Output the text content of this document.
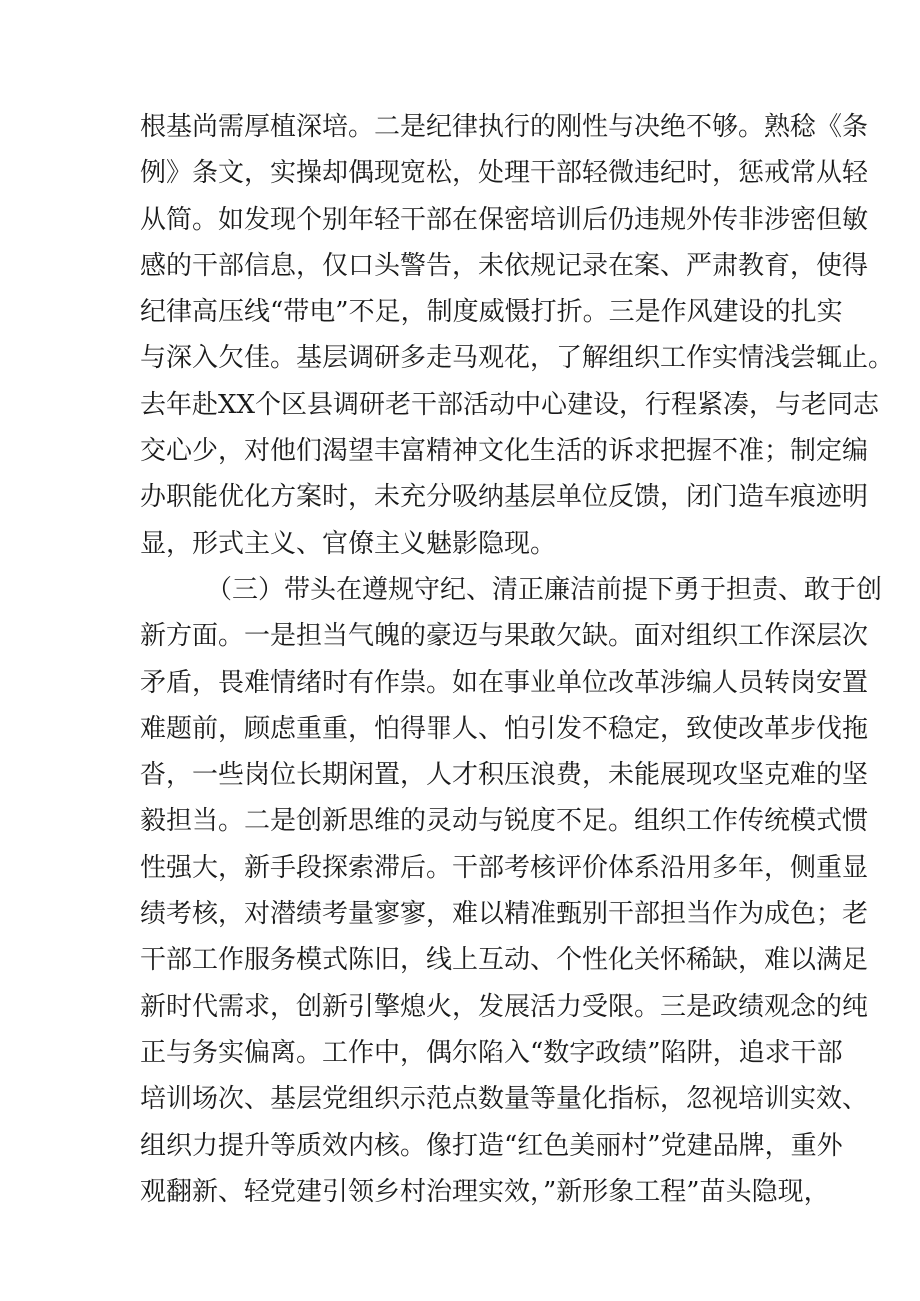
根基尚需厚植深培。二是纪律执行的刚性与决绝不够。熟稔《条
例》条文，实操却偶现宽松，处理干部轻微违纪时，惩戒常从轻
从简。如发现个别年轻干部在保密培训后仍违规外传非涉密但敏
感的干部信息，仅口头警告，未依规记录在案、严肃教育，使得
纪律高压线“带电”不足，制度威慑打折。三是作风建设的扎实
与深入欠佳。基层调研多走马观花，了解组织工作实情浅尝辄止。
去年赴XX个区县调研老干部活动中心建设，行程紧凑，与老同志
交心少，对他们渴望丰富精神文化生活的诉求把握不准；制定编
办职能优化方案时，未充分吸纳基层单位反馈，闭门造车痕迹明
显，形式主义、官僚主义魅影隐现。
（三）带头在遵规守纪、清正廉洁前提下勇于担责、敢于创
新方面。一是担当气魄的豪迈与果敢欠缺。面对组织工作深层次
矛盾，畏难情绪时有作祟。如在事业单位改革涉编人员转岗安置
难题前，顾虑重重，怕得罪人、怕引发不稳定，致使改革步伐拖
沓，一些岗位长期闲置，人才积压浪费，未能展现攻坚克难的坚
毅担当。二是创新思维的灵动与锐度不足。组织工作传统模式惯
性强大，新手段探索滞后。干部考核评价体系沿用多年，侧重显
绩考核，对潜绩考量寥寥，难以精准甄别干部担当作为成色；老
干部工作服务模式陈旧，线上互动、个性化关怀稀缺，难以满足
新时代需求，创新引擎熄火，发展活力受限。三是政绩观念的纯
正与务实偏离。工作中，偶尔陷入“数字政绩”陷阱，追求干部
培训场次、基层党组织示范点数量等量化指标，忽视培训实效、
组织力提升等质效内核。像打造“红色美丽村”党建品牌，重外
观翻新、轻党建引领乡村治理实效，”新形象工程”苗头隐现，
